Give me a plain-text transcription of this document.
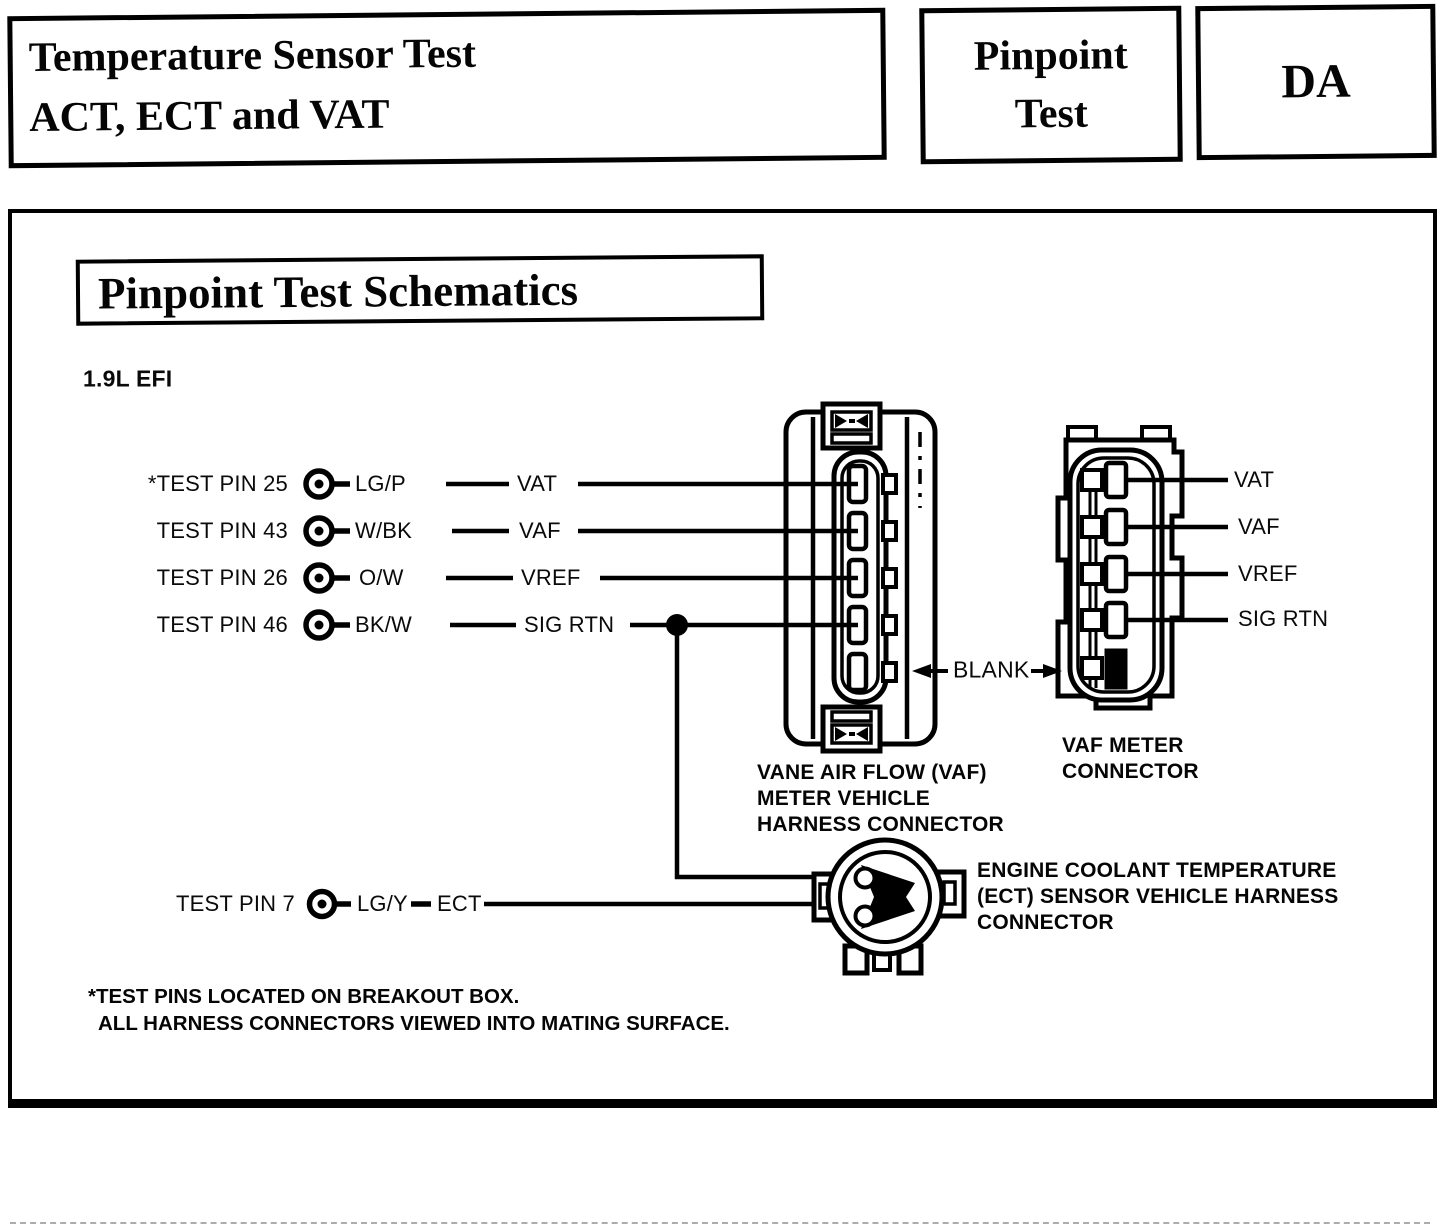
Temperature Sensor Test
ACT, ECT and VAT
Pinpoint
Test
DA
Pinpoint Test Schematics
1.9L EFI
*TEST PIN 25
TEST PIN 43
TEST PIN 26
TEST PIN 46
LG/P
W/BK
O/W
BK/W
VAT
VAF
VREF
SIG RTN
VAT
VAF
VREF
SIG RTN
BLANK
TEST PIN 7	LG/Y ECT
VANE AIR FLOW (VAF)
METER VEHICLE
HARNESS CONNECTOR
VAF METER
CONNECTOR
ENGINE COOLANT TEMPERATURE
(ECT) SENSOR VEHICLE HARNESS
CONNECTOR
*TEST PINS LOCATED ON BREAKOUT BOX.
ALL HARNESS CONNECTORS VIEWED INTO MATING SURFACE.
